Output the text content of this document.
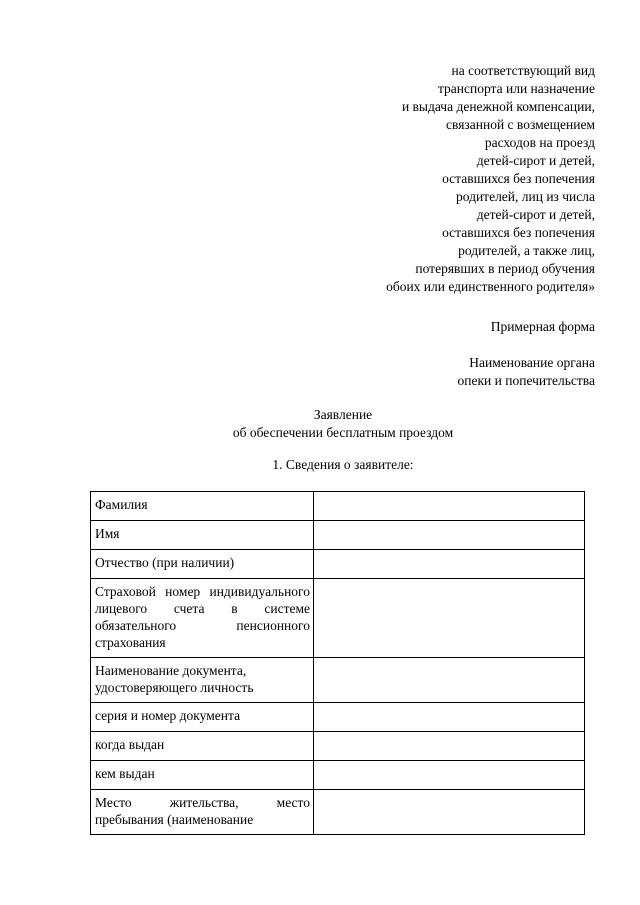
на соответствующий вид
транспорта или назначение
и выдача денежной компенсации,
связанной с возмещением
расходов на проезд
детей-сирот и детей,
оставшихся без попечения
родителей, лиц из числа
детей-сирот и детей,
оставшихся без попечения
родителей, а также лиц,
потерявших в период обучения
обоих или единственного родителя»
Примерная форма
Наименование органа
опеки и попечительства
Заявление
об обеспечении бесплатным проездом
1. Сведения о заявителе:
Фамилия	
Имя	
Отчество (при наличии)	
Страховой номер индивидуального лицевого счета в системе обязательного пенсионного страхования	
Наименование документа, удостоверяющего личность	
серия и номер документа	
когда выдан	
кем выдан	
Место жительства, место пребывания (наименование	
